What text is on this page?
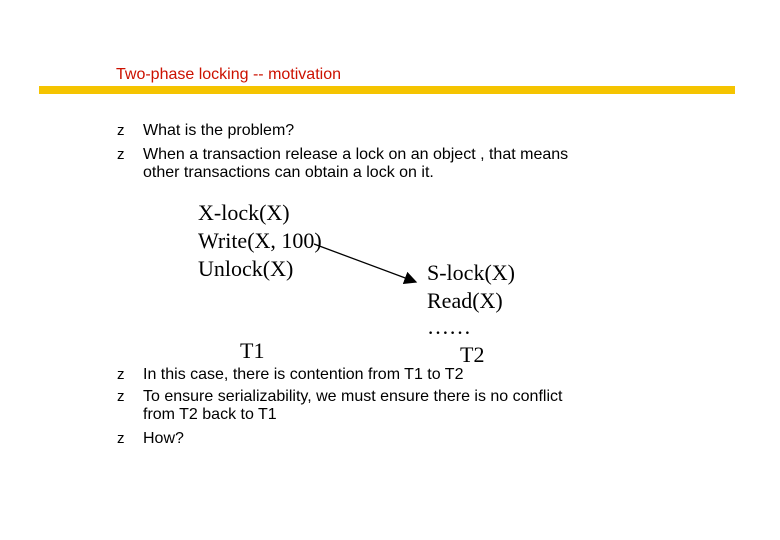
Two-phase locking -- motivation
z What is the problem?
z When a transaction release a lock on an object , that means
other transactions can obtain a lock on it.
X-lock(X)
Write(X, 100)
Unlock(X)
T1
S-lock(X)
Read(X)
……
T2
z In this case, there is contention from T1 to T2
z To ensure serializability, we must ensure there is no conflict
from T2 back to T1
z How?
